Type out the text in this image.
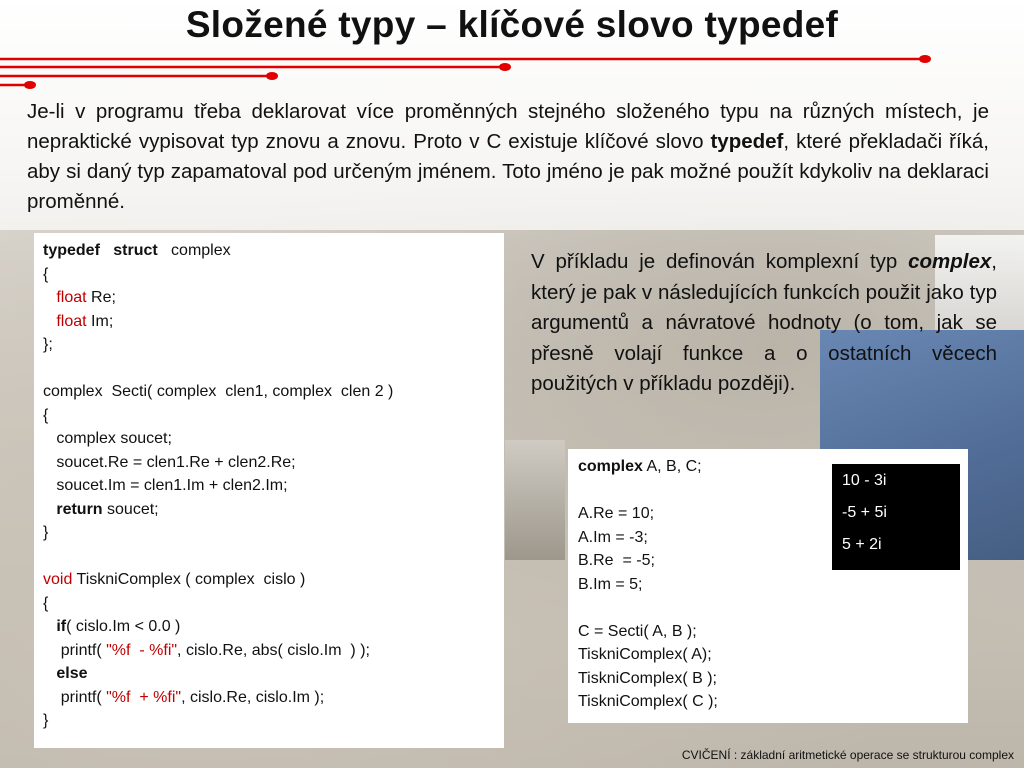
Složené typy – klíčové slovo typedef

Je-li v programu třeba deklarovat více proměnných stejného složeného typu na různých místech, je nepraktické vypisovat typ znovu a znovu. Proto v C existuje klíčové slovo typedef, které překladači říká, aby si daný typ zapamatoval pod určeným jménem. Toto jméno je pak možné použít kdykoliv na deklaraci proměnné.

typedef struct   complex
{
float Re;
float Im;
};

complex  Secti( complex  clen1, complex  clen 2 )
{
complex soucet;
soucet.Re = clen1.Re + clen2.Re;
soucet.Im = clen1.Im + clen2.Im;
return soucet;
}

void TiskniComplex ( complex  cislo )
{
if( cislo.Im < 0.0 )
printf( "%f  - %fi", cislo.Re, abs( cislo.Im  ) );
else
printf( "%f  + %fi", cislo.Re, cislo.Im );
}

V příkladu je definován komplexní typ complex, který je pak v následujících funkcích použit jako typ argumentů a návratové hodnoty (o tom, jak se přesně volají funkce a o ostatních věcech použitých v příkladu později).

complex A, B, C;

A.Re = 10;
A.Im = -3;
B.Re  = -5;
B.Im = 5;

C = Secti( A, B );
TiskniComplex( A);
TiskniComplex( B );
TiskniComplex( C );
10 - 3i
-5 + 5i
5 + 2i
CVIČENÍ : základní aritmetické operace se strukturou complex
